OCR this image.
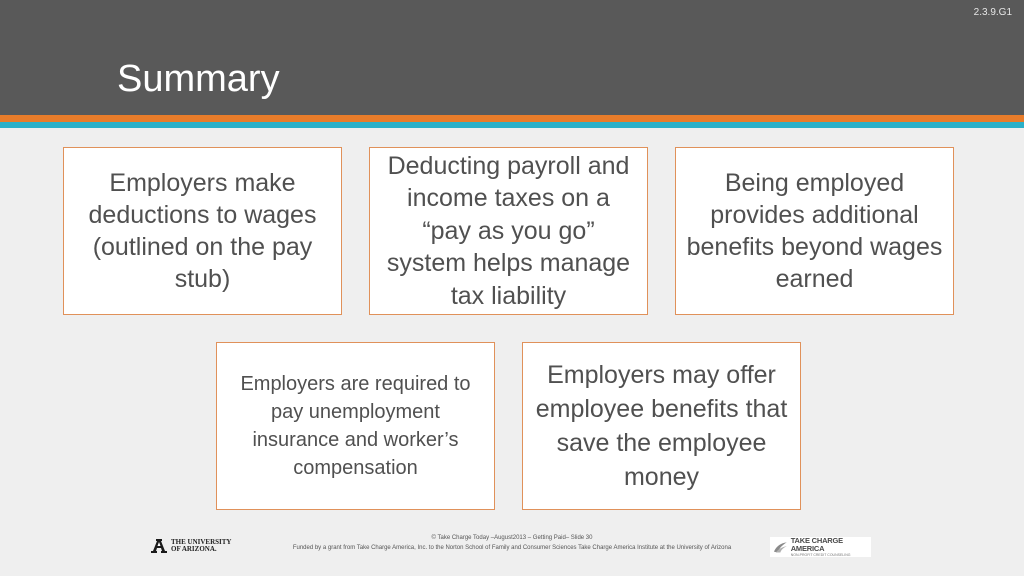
2.3.9.G1
Summary
Employers make deductions to wages (outlined on the pay stub)
Deducting payroll and income taxes on a “pay as you go” system helps manage tax liability
Being employed provides additional benefits beyond wages earned
Employers are required to pay unemployment insurance and worker’s compensation
Employers may offer employee benefits that save the employee money
THE UNIVERSITY
OF ARIZONA.
© Take Charge Today –August2013 – Getting Paid– Slide 30
Funded by a grant from Take Charge America, Inc. to the Norton School of Family and Consumer Sciences Take Charge America Institute at the University of Arizona
TAKE CHARGE AMERICA
NON-PROFIT CREDIT COUNSELING
